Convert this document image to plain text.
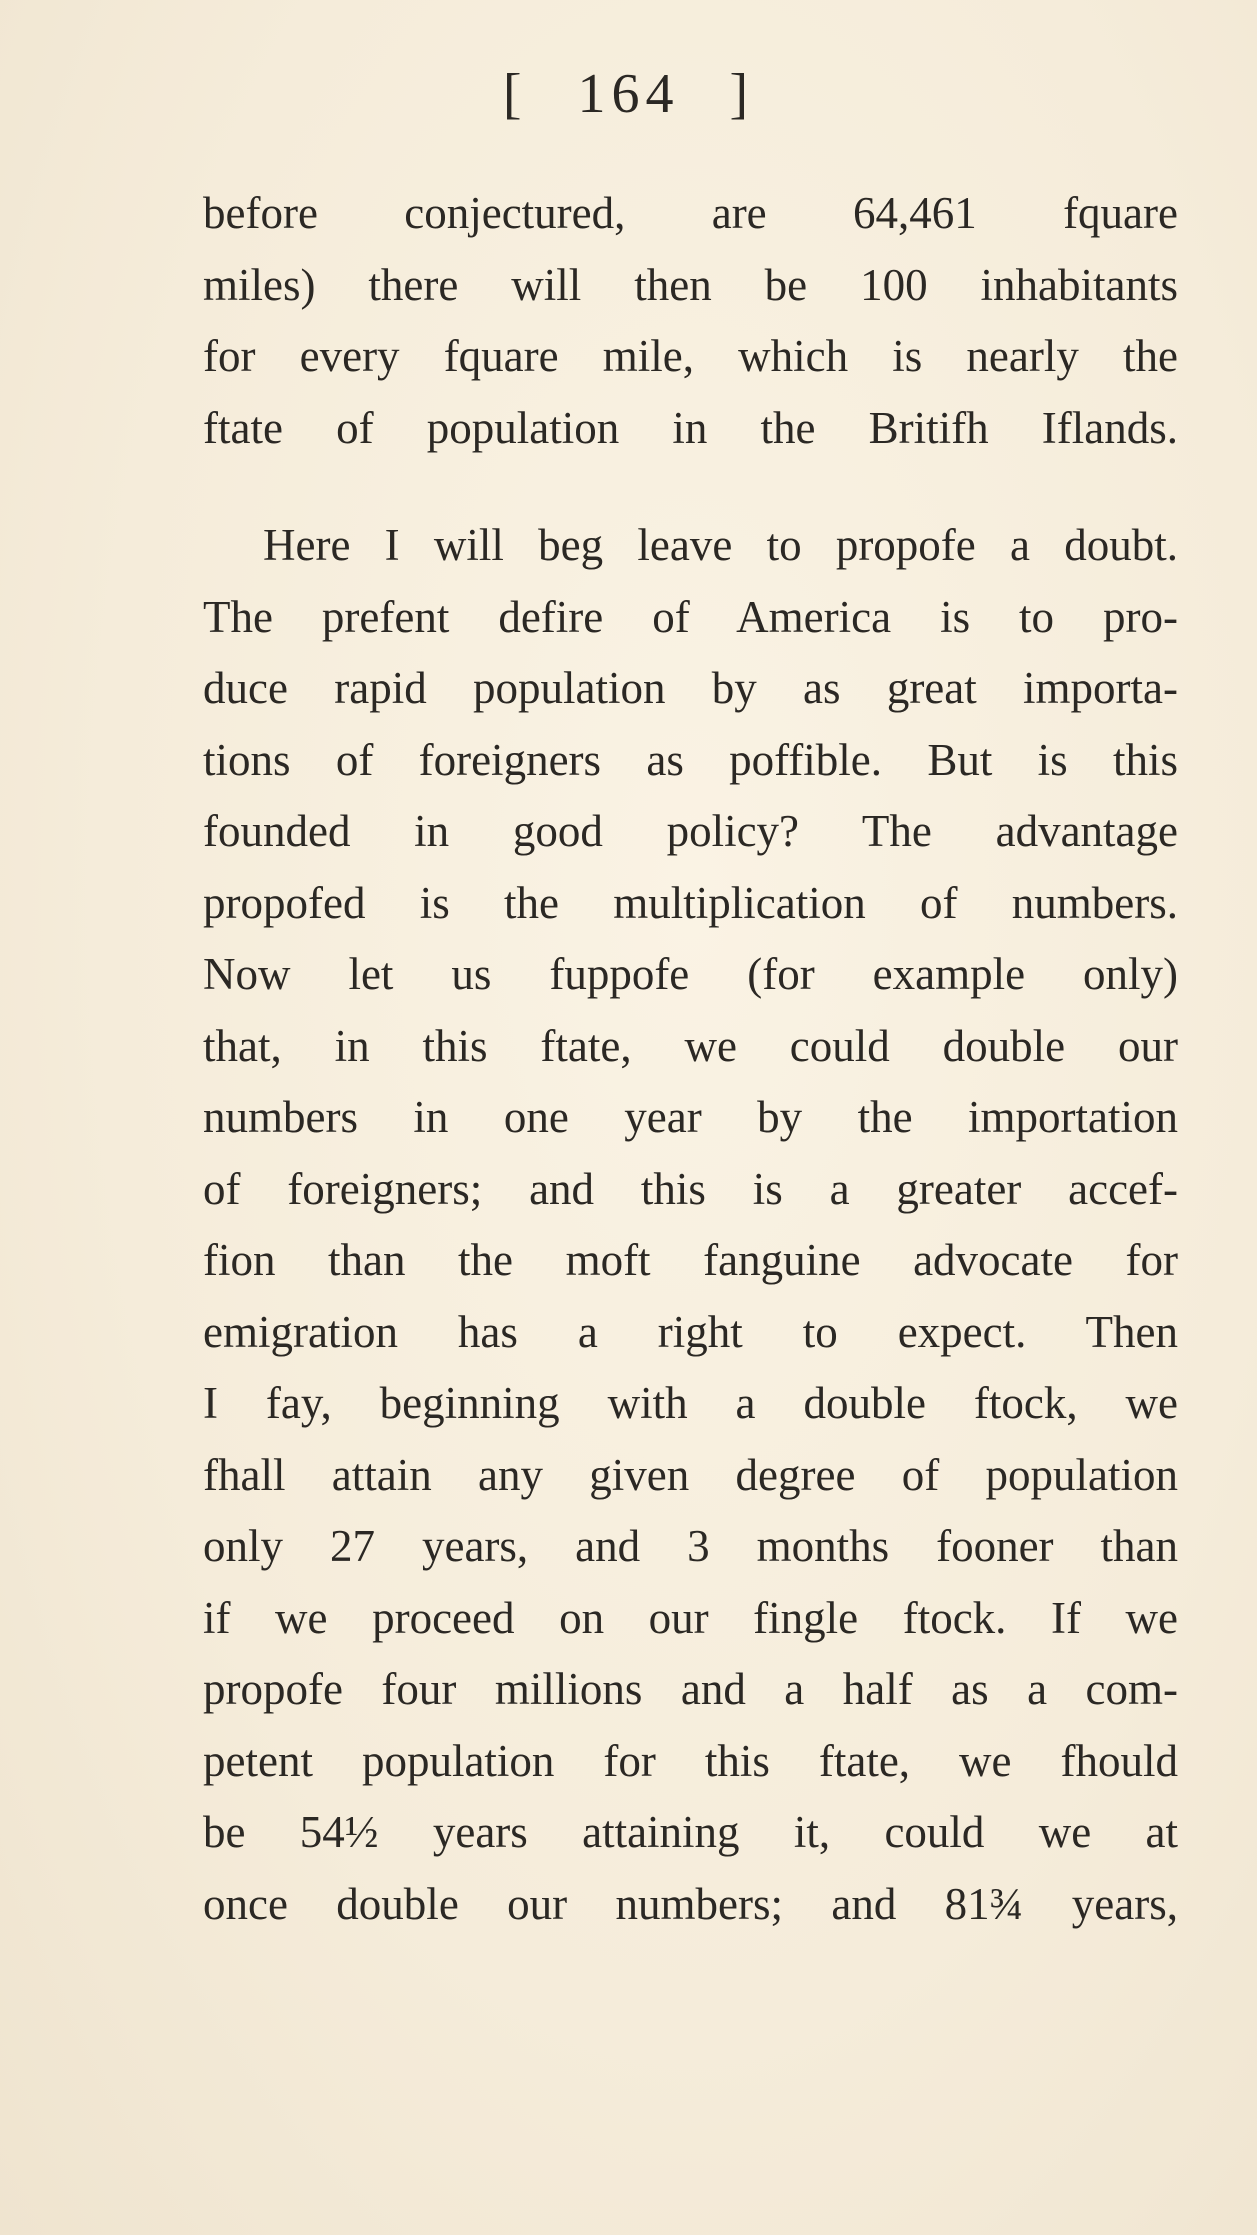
[ 164 ]
before conjectured, are 64,461 fquare
miles) there will then be 100 inhabitants
for every fquare mile, which is nearly the
ftate of population in the Britifh Iflands.
Here I will beg leave to propofe a doubt.
The prefent defire of America is to pro-
duce rapid population by as great importa-
tions of foreigners as poffible. But is this
founded in good policy? The advantage
propofed is the multiplication of numbers.
Now let us fuppofe (for example only)
that, in this ftate, we could double our
numbers in one year by the importation
of foreigners; and this is a greater accef-
fion than the moft fanguine advocate for
emigration has a right to expect. Then
I fay, beginning with a double ftock, we
fhall attain any given degree of population
only 27 years, and 3 months fooner than
if we proceed on our fingle ftock. If we
propofe four millions and a half as a com-
petent population for this ftate, we fhould
be 54½ years attaining it, could we at
once double our numbers; and 81¾ years,
